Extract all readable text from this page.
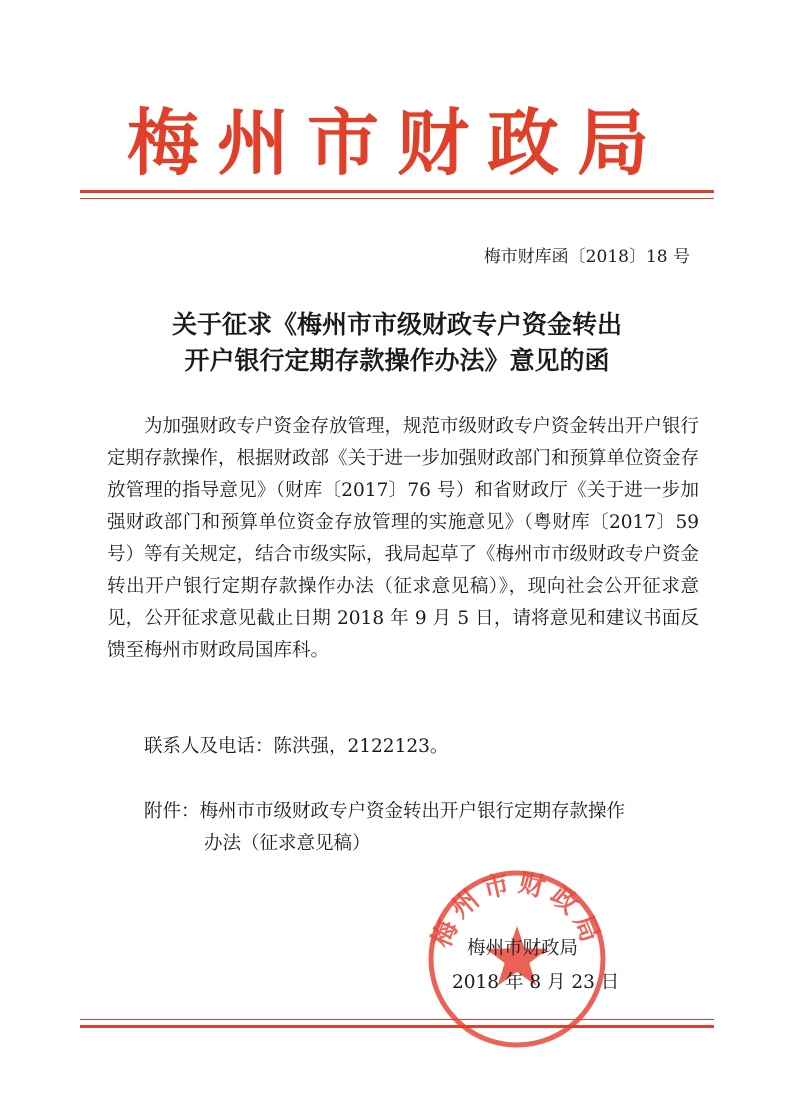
梅州市财政局
梅市财库函〔2018〕18 号
关于征求《梅州市市级财政专户资金转出
开户银行定期存款操作办法》意见的函

为加强财政专户资金存放管理，规范市级财政专户资金转出开户银行定期存款操作，根据财政部《关于进一步加强财政部门和预算单位资金存放管理的指导意见》（财库〔2017〕76 号）和省财政厅《关于进一步加强财政部门和预算单位资金存放管理的实施意见》（粤财库〔2017〕59 号）等有关规定，结合市级实际，我局起草了《梅州市市级财政专户资金转出开户银行定期存款操作办法（征求意见稿）》，现向社会公开征求意见，公开征求意见截止日期 2018 年 9 月 5 日，请将意见和建议书面反馈至梅州市财政局国库科。

联系人及电话：陈洪强，2122123。
附件：梅州市市级财政专户资金转出开户银行定期存款操作
办法（征求意见稿）
梅州市财政局
梅州市财政局
2018 年 8 月 23 日
